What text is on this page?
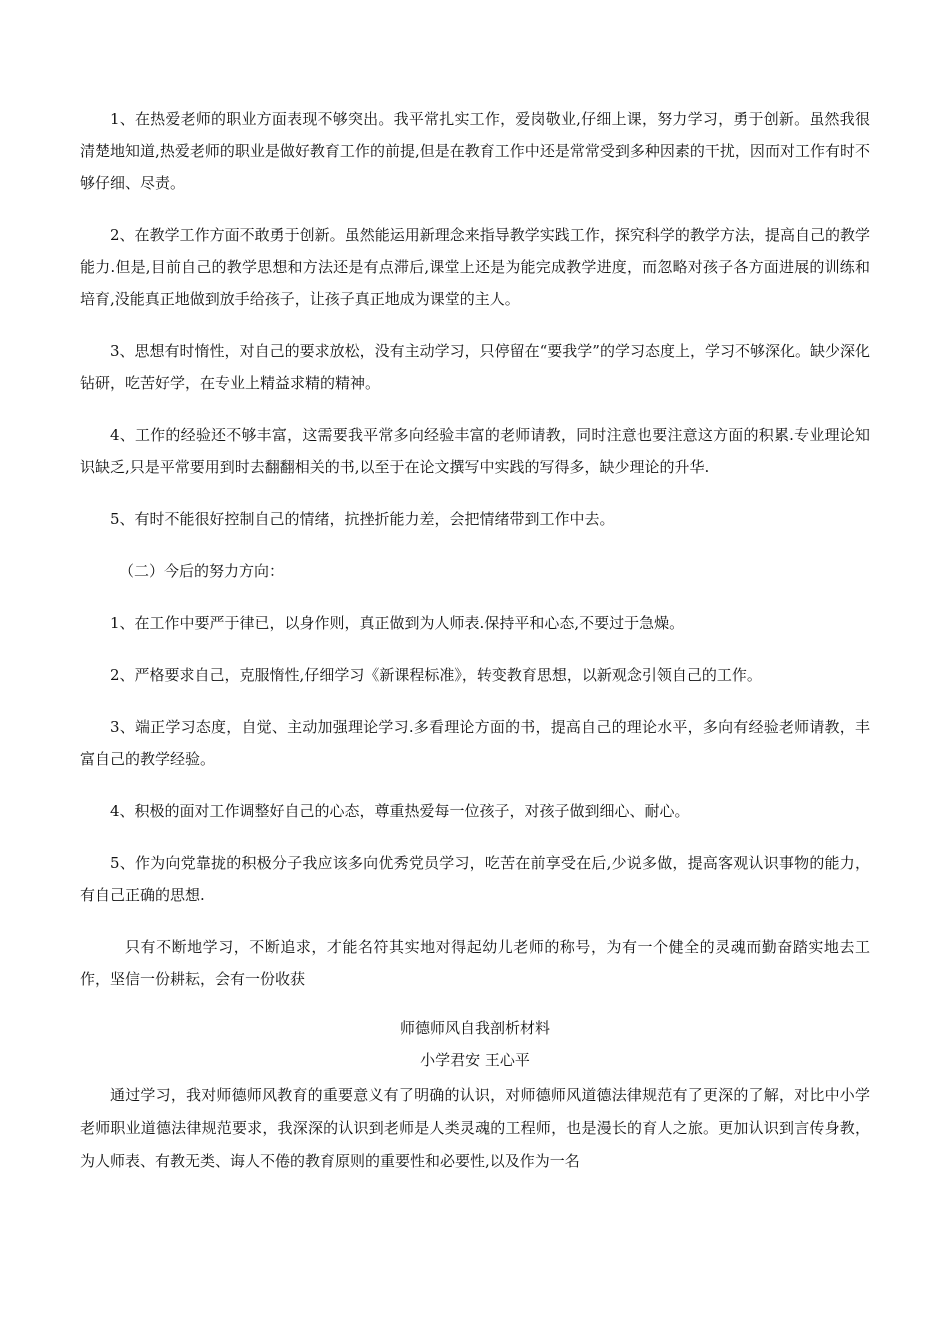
1、在热爱老师的职业方面表现不够突出。我平常扎实工作，爱岗敬业,仔细上课，努力学习，勇于创新。虽然我很清楚地知道,热爱老师的职业是做好教育工作的前提,但是在教育工作中还是常常受到多种因素的干扰，因而对工作有时不够仔细、尽责。

2、在教学工作方面不敢勇于创新。虽然能运用新理念来指导教学实践工作，探究科学的教学方法，提高自己的教学能力.但是,目前自己的教学思想和方法还是有点滞后,课堂上还是为能完成教学进度，而忽略对孩子各方面进展的训练和培育,没能真正地做到放手给孩子，让孩子真正地成为课堂的主人。

3、思想有时惰性，对自己的要求放松，没有主动学习，只停留在“要我学”的学习态度上，学习不够深化。缺少深化钻研，吃苦好学，在专业上精益求精的精神。

4、工作的经验还不够丰富，这需要我平常多向经验丰富的老师请教，同时注意也要注意这方面的积累.专业理论知识缺乏,只是平常要用到时去翻翻相关的书,以至于在论文撰写中实践的写得多，缺少理论的升华.

5、有时不能很好控制自己的情绪，抗挫折能力差，会把情绪带到工作中去。

（二）今后的努力方向：

1、在工作中要严于律已，以身作则，真正做到为人师表.保持平和心态,不要过于急燥。

2、严格要求自己，克服惰性,仔细学习《新课程标准》，转变教育思想，以新观念引领自己的工作。

3、端正学习态度，自觉、主动加强理论学习.多看理论方面的书，提高自己的理论水平，多向有经验老师请教，丰富自己的教学经验。

4、积极的面对工作调整好自己的心态，尊重热爱每一位孩子，对孩子做到细心、耐心。

5、作为向党靠拢的积极分子我应该多向优秀党员学习，吃苦在前享受在后,少说多做，提高客观认识事物的能力，有自己正确的思想.

只有不断地学习，不断追求，才能名符其实地对得起幼儿老师的称号，为有一个健全的灵魂而勤奋踏实地去工作，坚信一份耕耘，会有一份收获

师德师风自我剖析材料

小学君安 王心平

通过学习，我对师德师风教育的重要意义有了明确的认识，对师德师风道德法律规范有了更深的了解，对比中小学老师职业道德法律规范要求，我深深的认识到老师是人类灵魂的工程师，也是漫长的育人之旅。更加认识到言传身教，为人师表、有教无类、诲人不倦的教育原则的重要性和必要性,以及作为一名
